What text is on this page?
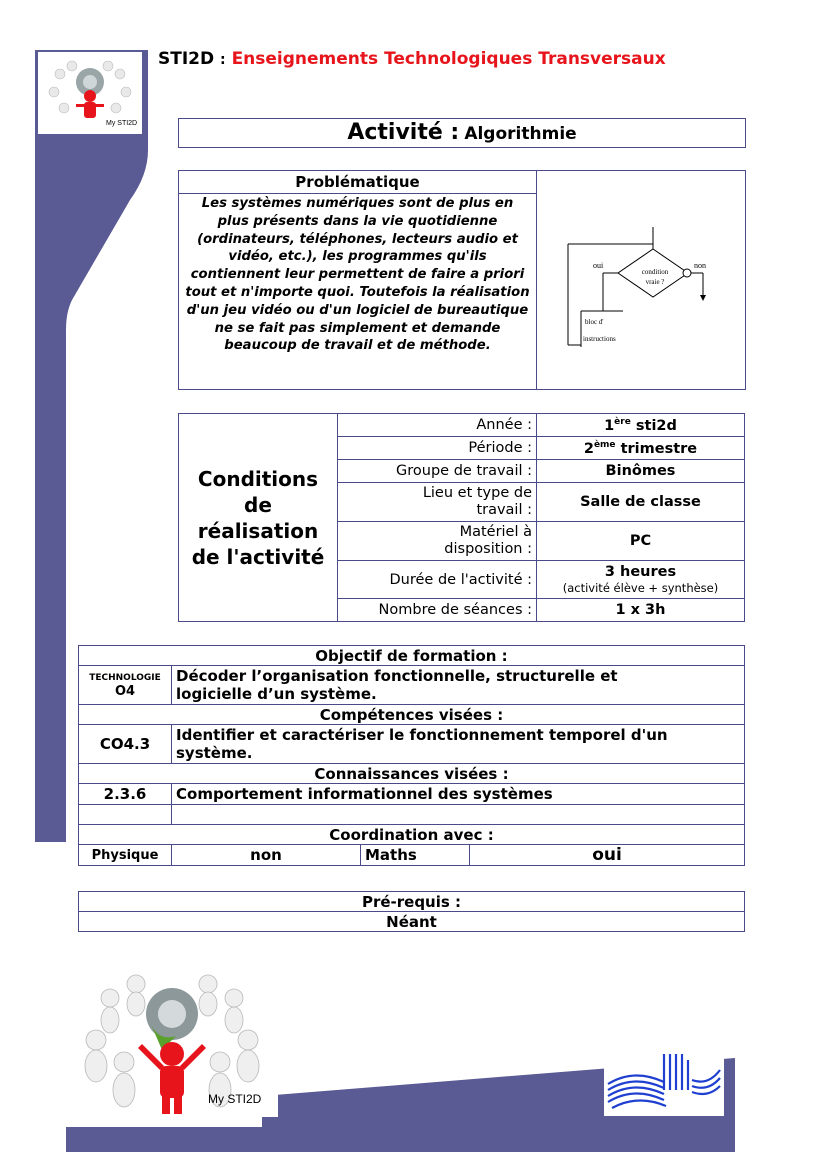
My STI2D
STI2D : Enseignements Technologiques Transversaux
Activité : Algorithmie
Problématique
Les systèmes numériques sont de plus en plus présents dans la vie quotidienne (ordinateurs, téléphones, lecteurs audio et vidéo, etc.), les programmes qu'ils contiennent leur permettent de faire a priori tout et n'importe quoi. Toutefois la réalisation d'un jeu vidéo ou d'un logiciel de bureautique ne se fait pas simplement et demande beaucoup de travail et de méthode.
oui	non
condition
vraie ?
bloc d'
instructions
Conditions de réalisation de l'activité	Année :	1ère sti2d
	Période :	2ème trimestre
	Groupe de travail :	Binômes
	Lieu et type de travail :	Salle de classe
	Matériel à disposition :	PC
	Durée de l'activité :	3 heures
(activité élève + synthèse)

	Nombre de séances :	1 x 3h
Objectif de formation :			

TECHNOLOGIE
O4	Décoder l’organisation fonctionnelle, structurelle et logicielle d’un système.		
Compétences visées :			
CO4.3	Identifier et caractériser le fonctionnement temporel d'un système.		
Connaissances visées :			
2.3.6	Comportement informationnel des systèmes		

Coordination avec :			
Physique	non	Maths	oui
Pré-requis :
Néant
My STI2D
